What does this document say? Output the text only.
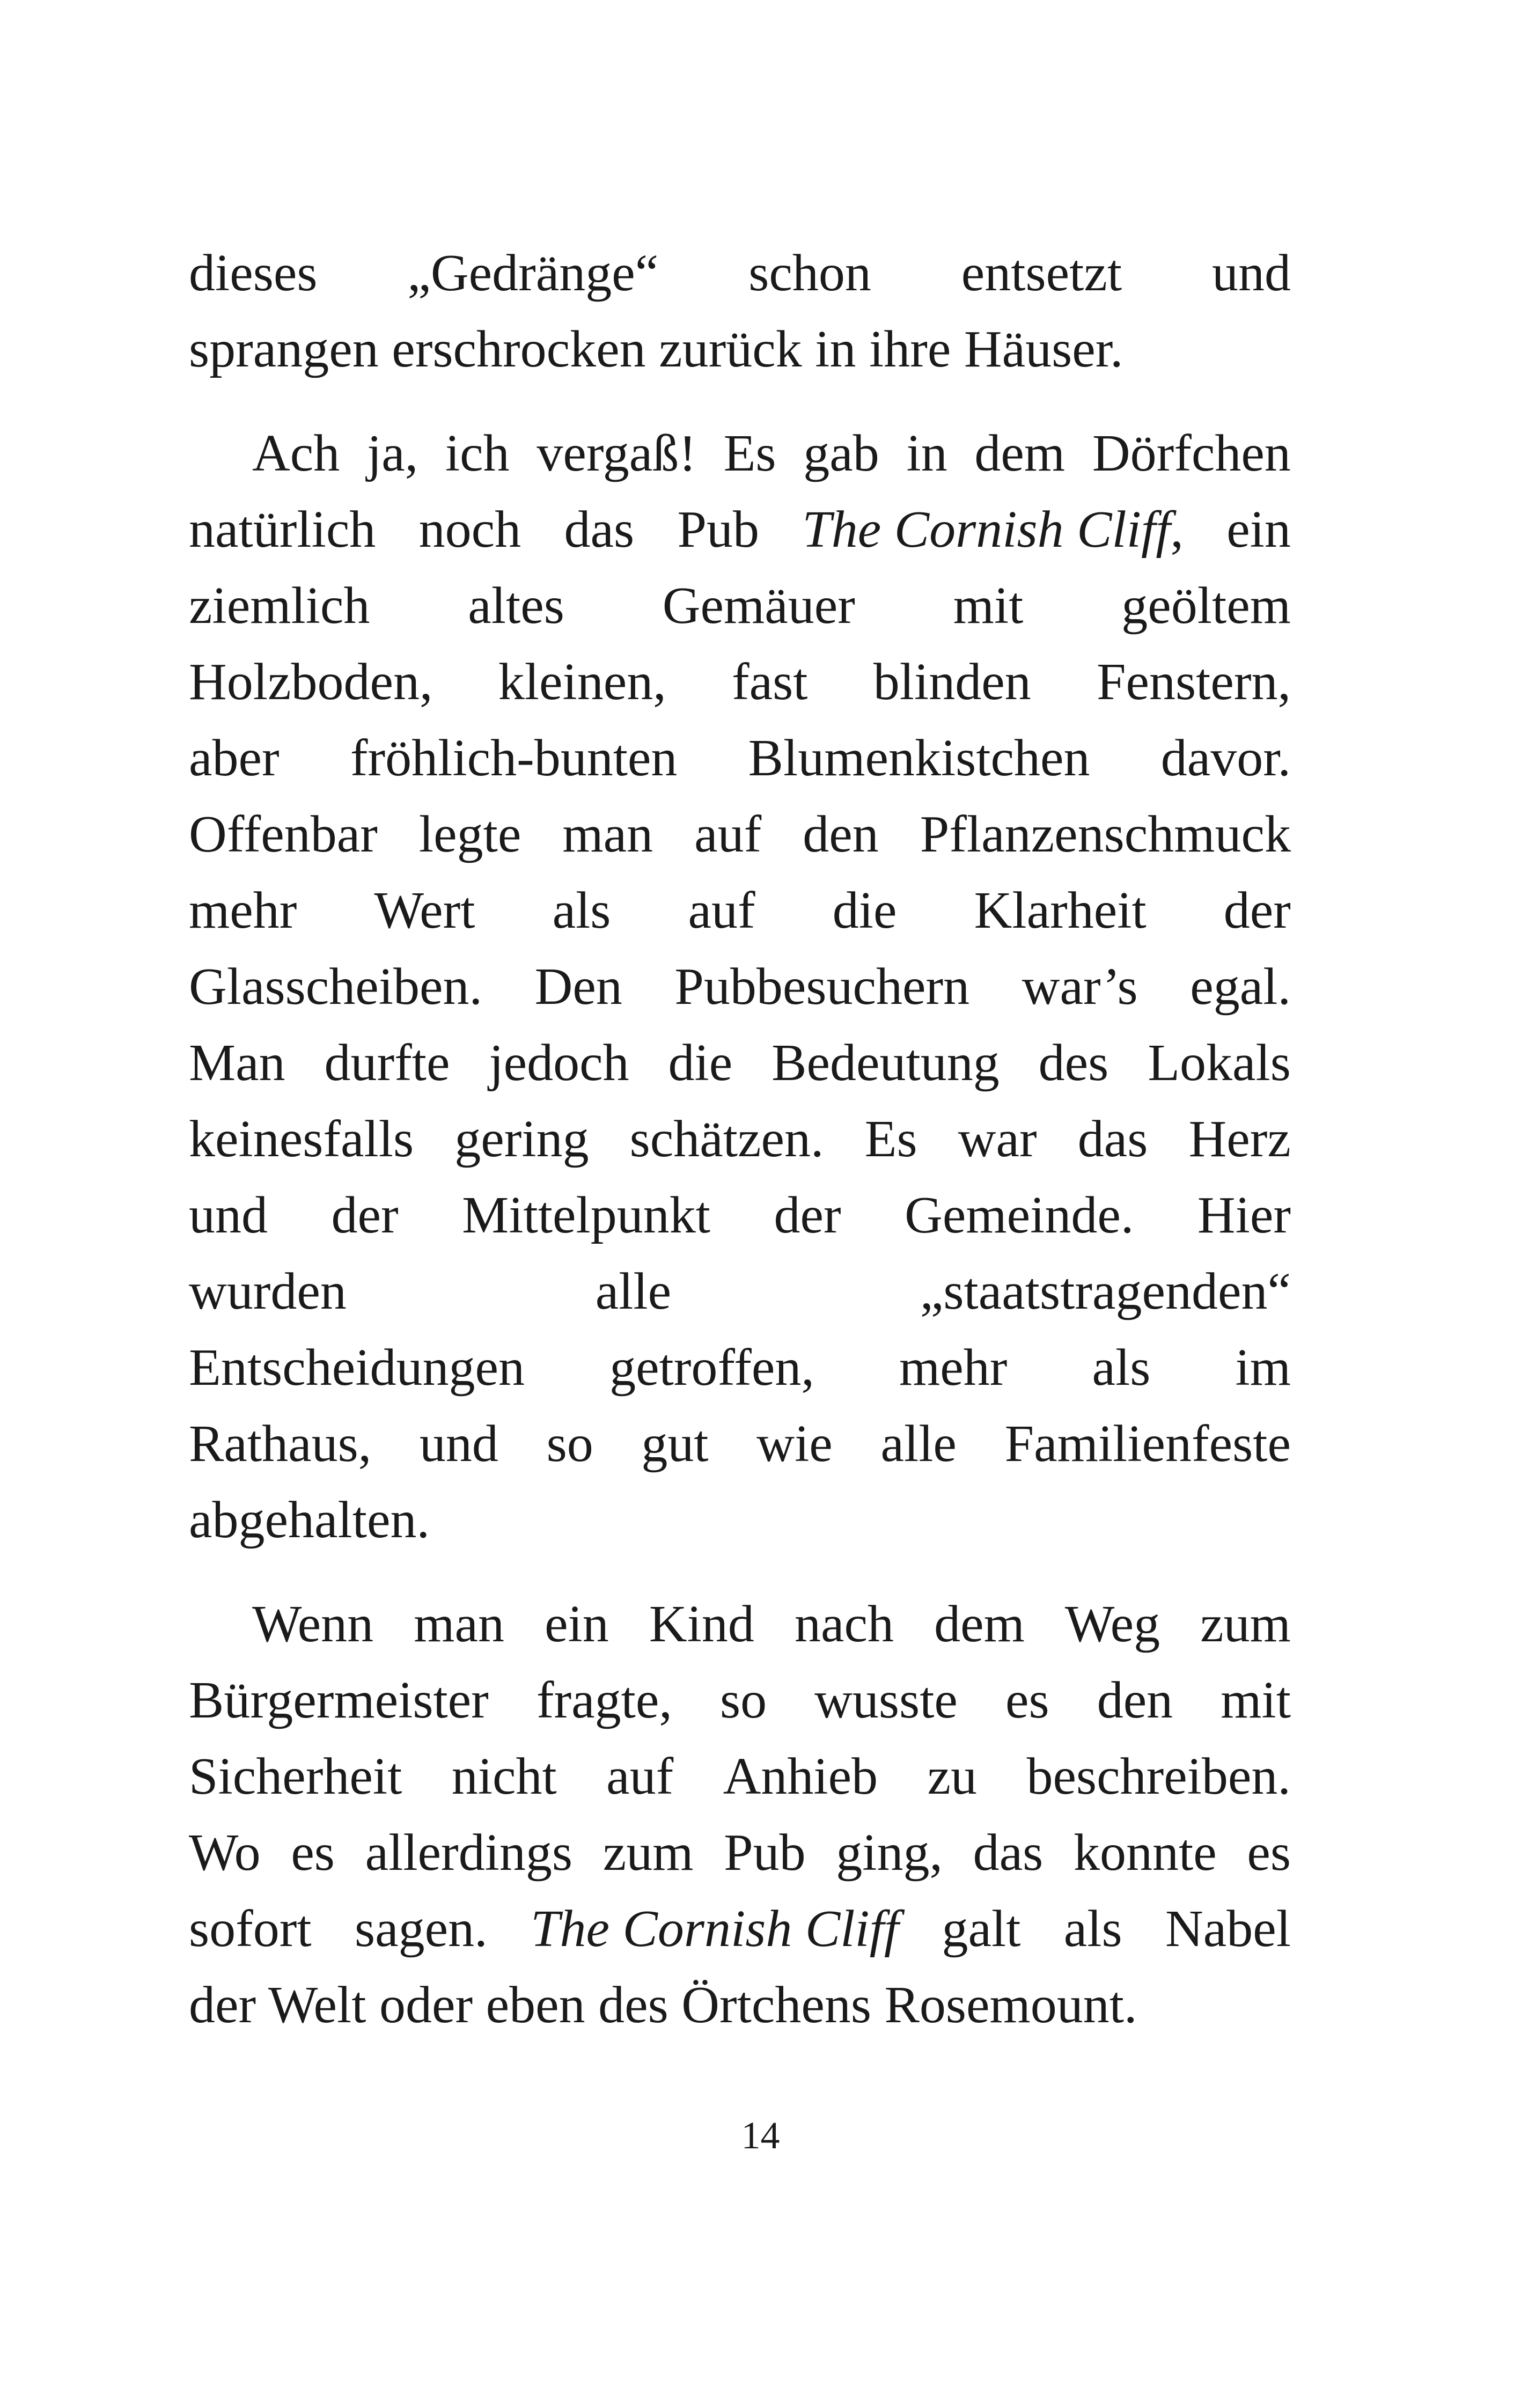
dieses „Gedränge“ schon entsetzt und
sprangen erschrocken zurück in ihre Häuser.

Ach ja, ich vergaß! Es gab in dem Dörfchen
natürlich noch das Pub The Cornish Cliff, ein
ziemlich altes Gemäuer mit geöltem
Holzboden, kleinen, fast blinden Fenstern,
aber fröhlich-bunten Blumenkistchen davor.
Offenbar legte man auf den Pflanzenschmuck
mehr Wert als auf die Klarheit der
Glasscheiben. Den Pubbesuchern war’s egal.
Man durfte jedoch die Bedeutung des Lokals
keinesfalls gering schätzen. Es war das Herz
und der Mittelpunkt der Gemeinde. Hier
wurden	alle	„staatstragenden“
Entscheidungen getroffen, mehr als im
Rathaus, und so gut wie alle Familienfeste
abgehalten.

Wenn man ein Kind nach dem Weg zum
Bürgermeister fragte, so wusste es den mit
Sicherheit nicht auf Anhieb zu beschreiben.
Wo es allerdings zum Pub ging, das konnte es
sofort sagen. The Cornish Cliff galt als Nabel
der Welt oder eben des Örtchens Rosemount.

14
